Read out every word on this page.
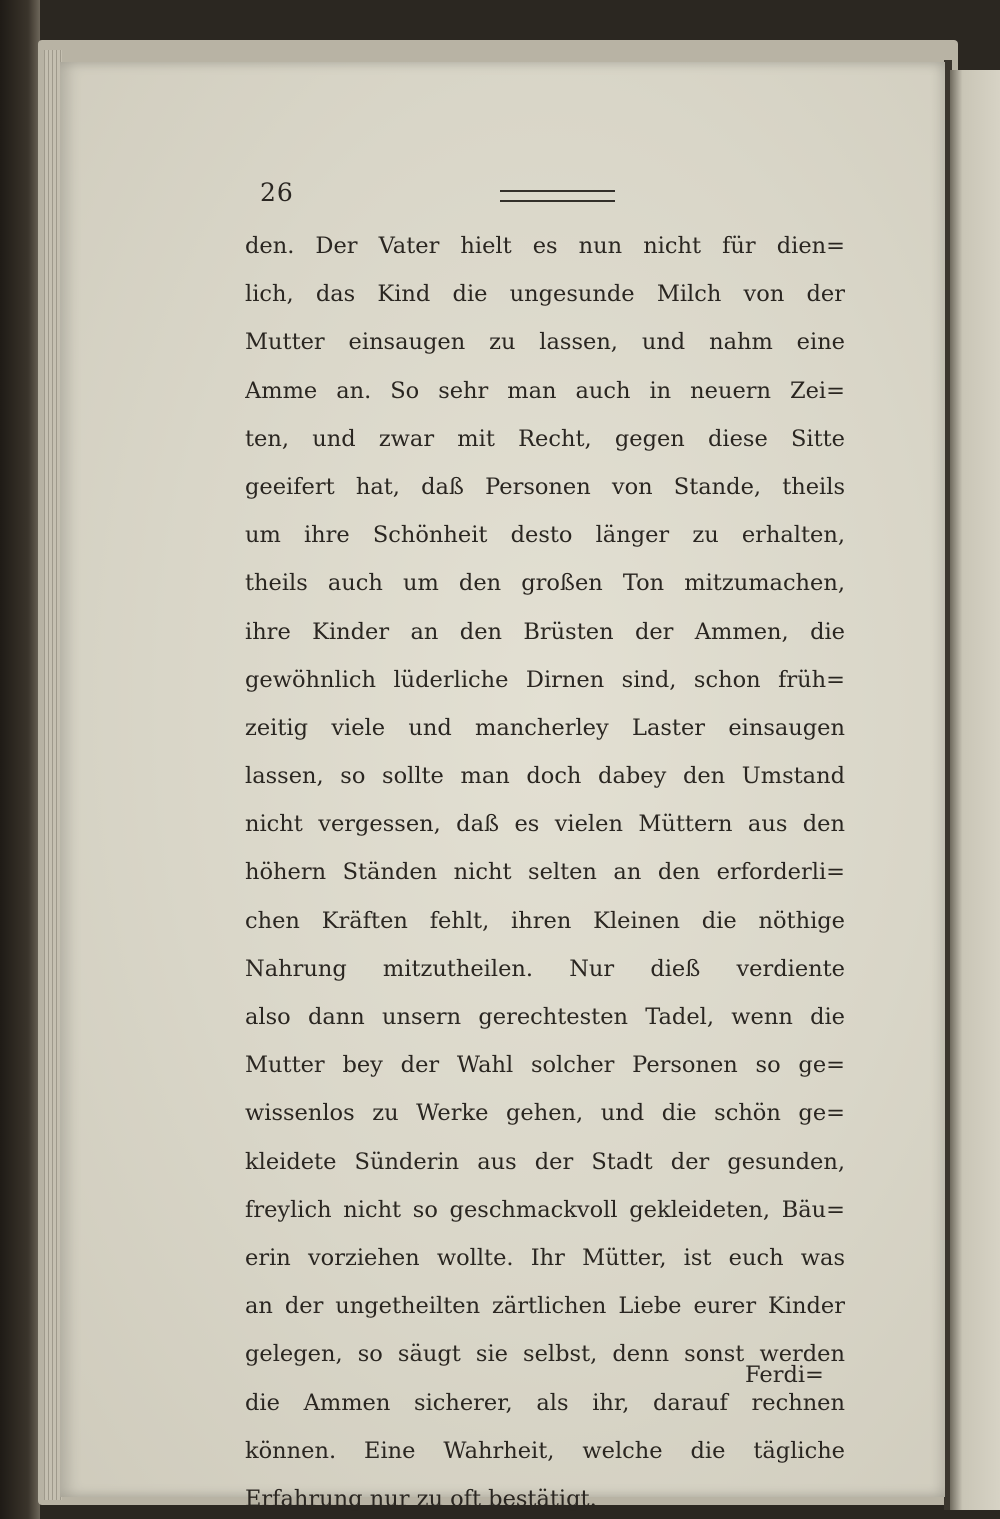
26
den. Der Vater hielt es nun nicht für dien=
lich, das Kind die ungesunde Milch von der
Mutter einsaugen zu lassen, und nahm eine
Amme an. So sehr man auch in neuern Zei=
ten, und zwar mit Recht, gegen diese Sitte
geeifert hat, daß Personen von Stande, theils
um ihre Schönheit desto länger zu erhalten,
theils auch um den großen Ton mitzumachen,
ihre Kinder an den Brüsten der Ammen, die
gewöhnlich lüderliche Dirnen sind, schon früh=
zeitig viele und mancherley Laster einsaugen
lassen, so sollte man doch dabey den Umstand
nicht vergessen, daß es vielen Müttern aus den
höhern Ständen nicht selten an den erforderli=
chen Kräften fehlt, ihren Kleinen die nöthige
Nahrung mitzutheilen. Nur dieß verdiente
also dann unsern gerechtesten Tadel, wenn die
Mutter bey der Wahl solcher Personen so ge=
wissenlos zu Werke gehen, und die schön ge=
kleidete Sünderin aus der Stadt der gesunden,
freylich nicht so geschmackvoll gekleideten, Bäu=
erin vorziehen wollte. Ihr Mütter, ist euch was
an der ungetheilten zärtlichen Liebe eurer Kinder
gelegen, so säugt sie selbst, denn sonst werden
die Ammen sicherer, als ihr, darauf rechnen
können. Eine Wahrheit, welche die tägliche
Erfahrung nur zu oft bestätigt.
Ferdi=
